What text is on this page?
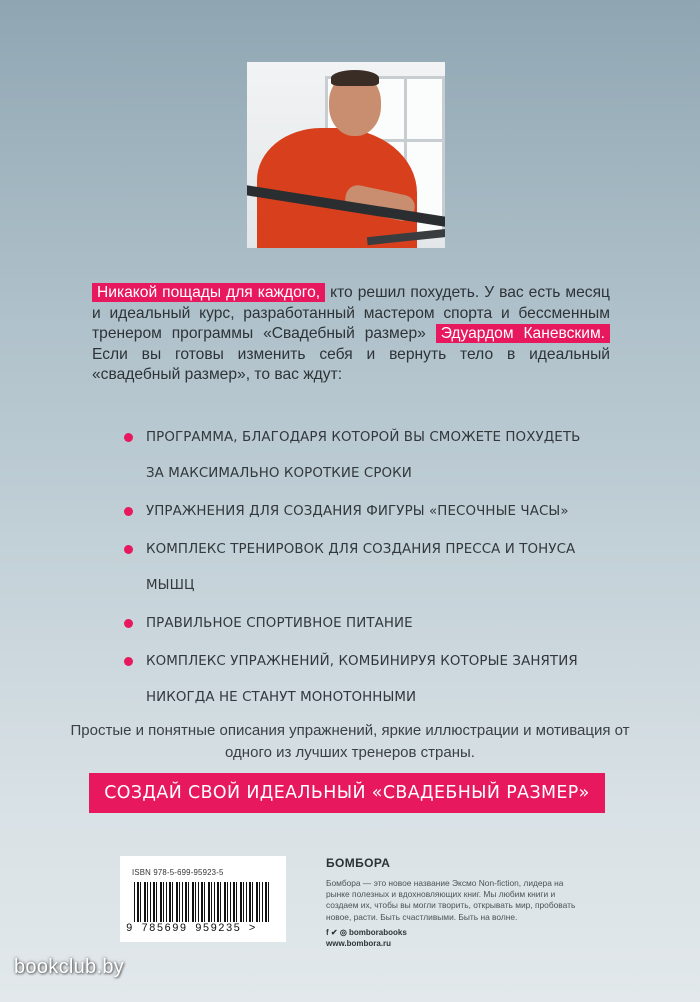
Никакой пощады для каждого, кто решил похудеть. У вас есть месяц и идеальный курс, разработанный мастером спорта и бессменным тренером программы «Свадебный размер» Эдуардом Каневским. Если вы готовы изменить себя и вернуть тело в идеальный «свадебный размер», то вас ждут:

ПРОГРАММА, БЛАГОДАРЯ КОТОРОЙ ВЫ СМОЖЕТЕ ПОХУДЕТЬ ЗА МАКСИМАЛЬНО КОРОТКИЕ СРОКИ
УПРАЖНЕНИЯ ДЛЯ СОЗДАНИЯ ФИГУРЫ «ПЕСОЧНЫЕ ЧАСЫ»
КОМПЛЕКС ТРЕНИРОВОК ДЛЯ СОЗДАНИЯ ПРЕССА И ТОНУСА МЫШЦ
ПРАВИЛЬНОЕ СПОРТИВНОЕ ПИТАНИЕ
КОМПЛЕКС УПРАЖНЕНИЙ, КОМБИНИРУЯ КОТОРЫЕ ЗАНЯТИЯ НИКОГДА НЕ СТАНУТ МОНОТОННЫМИ

Простые и понятные описания упражнений, яркие иллюстрации и мотивация от одного из лучших тренеров страны.

СОЗДАЙ СВОЙ ИДЕАЛЬНЫЙ «СВАДЕБНЫЙ РАЗМЕР»
ISBN 978-5-699-95923-5
9 785699 959235 >
БОМБОРА
Бомбора — это новое название Эксмо Non-fiction, лидера на рынке полезных и вдохновляющих книг. Мы любим книги и создаем их, чтобы вы могли творить, открывать мир, пробовать новое, расти. Быть счастливыми. Быть на волне.
f ✔ ◎ bomborabooks
www.bombora.ru
bookclub.by
